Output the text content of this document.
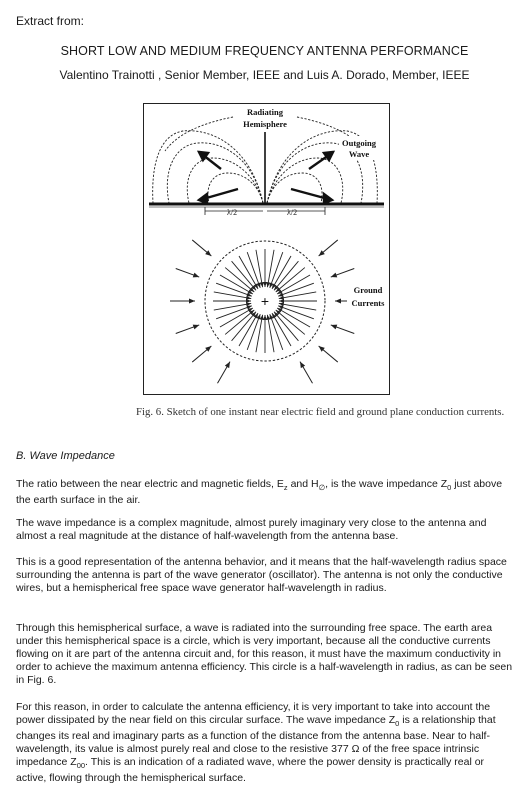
Extract from:
SHORT LOW AND MEDIUM FREQUENCY ANTENNA PERFORMANCE
Valentino Trainotti , Senior Member, IEEE and Luis A. Dorado, Member, IEEE
λ/2	λ/2
Radiating
Hemisphere
Outgoing
Wave
+
Ground
Currents
Fig. 6. Sketch of one instant near electric field and ground plane conduction currents.
B. Wave Impedance
The ratio between the near electric and magnetic fields, $E_z$ and $H_\emptyset$, is the wave impedance $Z_0$ just above the earth surface in the air.
The wave impedance is a complex magnitude, almost purely imaginary very close to the antenna and almost a real magnitude at the distance of half-wavelength from the antenna base.
This is a good representation of the antenna behavior, and it means that the half-wavelength radius space surrounding the antenna is part of the wave generator (oscillator). The antenna is not only the conductive wires, but a hemispherical free space wave generator half-wavelength in radius.
Through this hemispherical surface, a wave is radiated into the surrounding free space. The earth area under this hemispherical space is a circle, which is very important, because all the conductive currents flowing on it are part of the antenna circuit and, for this reason, it must have the maximum conductivity in order to achieve the maximum antenna efficiency. This circle is a half-wavelength in radius, as can be seen in Fig. 6.
For this reason, in order to calculate the antenna efficiency, it is very important to take into account the power dissipated by the near field on this circular surface. The wave impedance $Z_0$ is a relationship that changes its real and imaginary parts as a function of the distance from the antenna base. Near to half-wavelength, its value is almost purely real and close to the resistive 377 Ω of the free space intrinsic impedance $Z_{00}$. This is an indication of a radiated wave, where the power density is practically real or active, flowing through the hemispherical surface.
